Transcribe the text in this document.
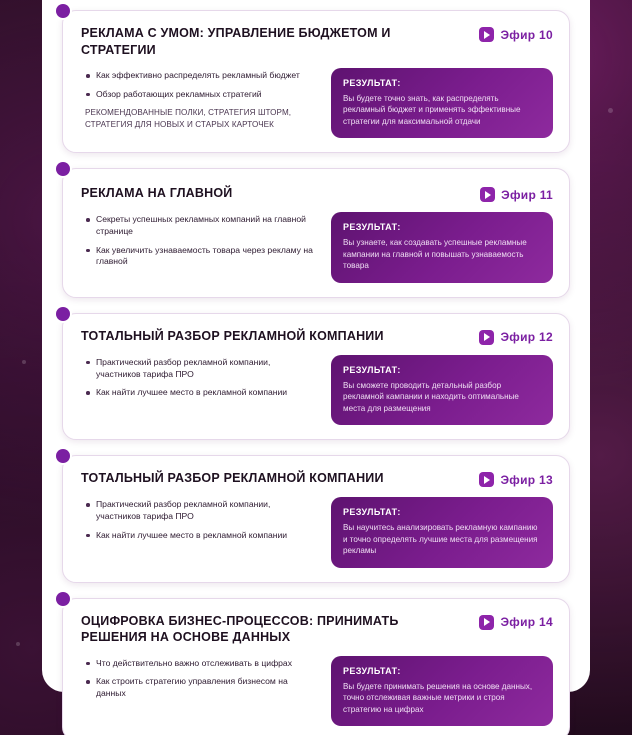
РЕКЛАМА С УМОМ: УПРАВЛЕНИЕ БЮДЖЕТОМ И СТРАТЕГИИ
Эфир 10
Как эффективно распределять рекламный бюджет
Обзор работающих рекламных стратегий
РЕКОМЕНДОВАННЫЕ ПОЛКИ, СТРАТЕГИЯ ШТОРМ, СТРАТЕГИЯ ДЛЯ НОВЫХ И СТАРЫХ КАРТОЧЕК
РЕЗУЛЬТАТ:
Вы будете точно знать, как распределять рекламный бюджет и применять эффективные стратегии для максимальной отдачи
РЕКЛАМА НА ГЛАВНОЙ	Эфир 11
Секреты успешных рекламных компаний на главной странице
Как увеличить узнаваемость товара через рекламу на главной
РЕЗУЛЬТАТ:
Вы узнаете, как создавать успешные рекламные кампании на главной и повышать узнаваемость товара
ТОТАЛЬНЫЙ РАЗБОР РЕКЛАМНОЙ КОМПАНИИ	Эфир 12
Практический разбор рекламной компании, участников тарифа ПРО
Как найти лучшее место в рекламной компании
РЕЗУЛЬТАТ:
Вы сможете проводить детальный разбор рекламной кампании и находить оптимальные места для размещения
ТОТАЛЬНЫЙ РАЗБОР РЕКЛАМНОЙ КОМПАНИИ	Эфир 13
Практический разбор рекламной компании, участников тарифа ПРО
Как найти лучшее место в рекламной компании
РЕЗУЛЬТАТ:
Вы научитесь анализировать рекламную кампанию и точно определять лучшие места для размещения рекламы
ОЦИФРОВКА БИЗНЕС-ПРОЦЕССОВ: ПРИНИМАТЬ РЕШЕНИЯ НА ОСНОВЕ ДАННЫХ
Эфир 14
Что действительно важно отслеживать в цифрах
Как строить стратегию управления бизнесом на данных
РЕЗУЛЬТАТ:
Вы будете принимать решения на основе данных, точно отслеживая важные метрики и строя стратегию на цифрах
